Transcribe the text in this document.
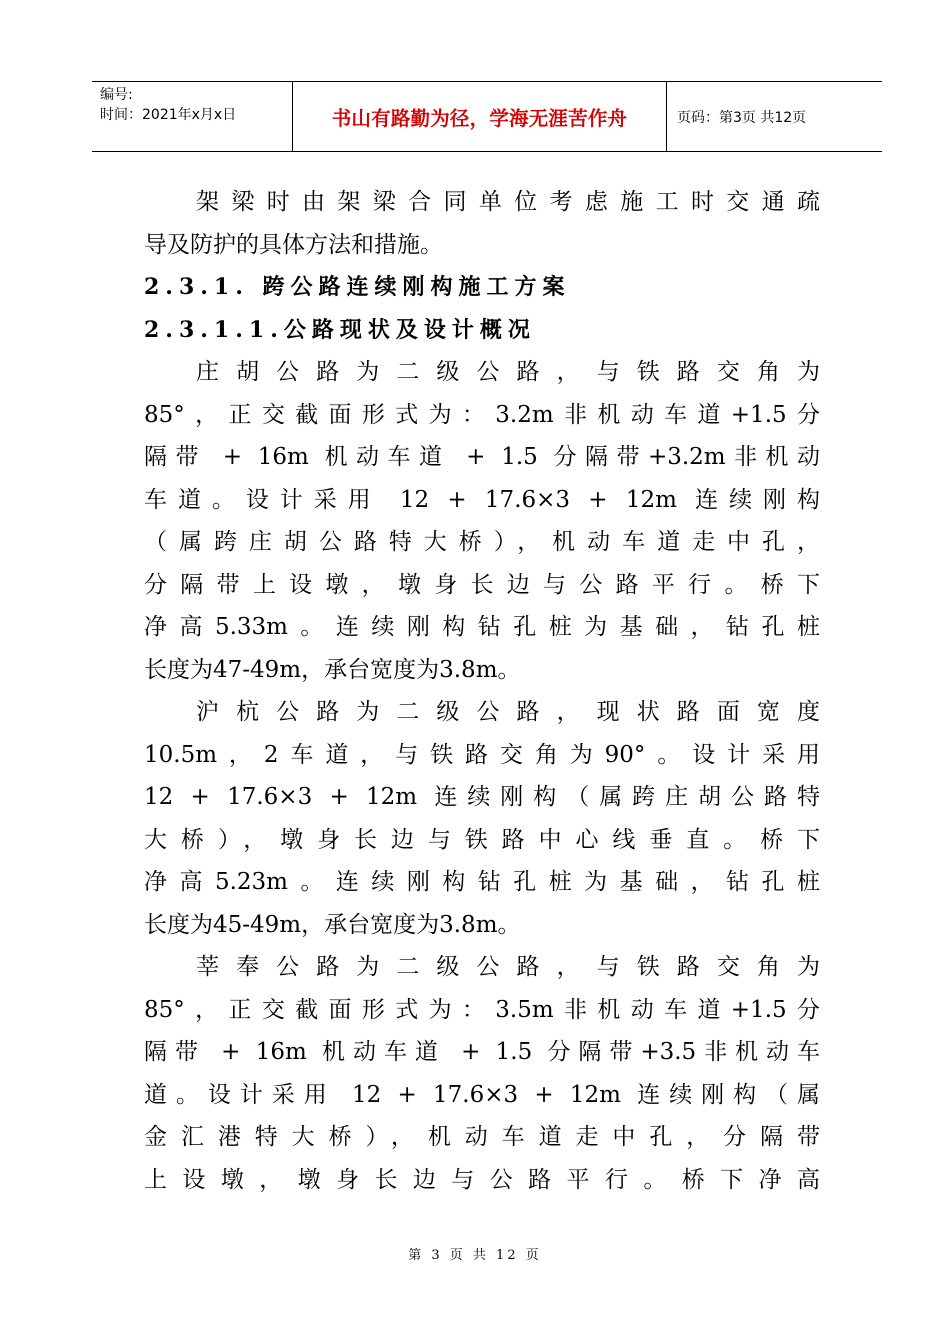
编号:
时间：2021年x月x日	书山有路勤为径，学海无涯苦作舟	页码：第3页 共12页
架梁时由架梁合同单位考虑施工时交通疏
导及防护的具体方法和措施。
2.3.1. 跨公路连续刚构施工方案
2.3.1.1.公路现状及设计概况
庄胡公路为二级公路，与铁路交角为
85°，正交截面形式为：3.2m非机动车道+1.5分
隔带 + 16m 机动车道 + 1.5 分隔带+3.2m非机动
车道。设计采用 12 + 17.6×3 + 12m 连续刚构
（属跨庄胡公路特大桥），机动车道走中孔，
分隔带上设墩，墩身长边与公路平行。桥下
净高5.33m。连续刚构钻孔桩为基础，钻孔桩
长度为47-49m，承台宽度为3.8m。
沪杭公路为二级公路，现状路面宽度
10.5m，2车道，与铁路交角为90°。设计采用
12 + 17.6×3 + 12m 连续刚构（属跨庄胡公路特
大桥），墩身长边与铁路中心线垂直。桥下
净高5.23m。连续刚构钻孔桩为基础，钻孔桩
长度为45-49m，承台宽度为3.8m。
莘奉公路为二级公路，与铁路交角为
85°，正交截面形式为：3.5m非机动车道+1.5分
隔带 + 16m 机动车道 + 1.5 分隔带+3.5非机动车
道。设计采用 12 + 17.6×3 + 12m 连续刚构（属
金汇港特大桥），机动车道走中孔，分隔带
上设墩，墩身长边与公路平行。桥下净高
第 3 页 共 12 页
